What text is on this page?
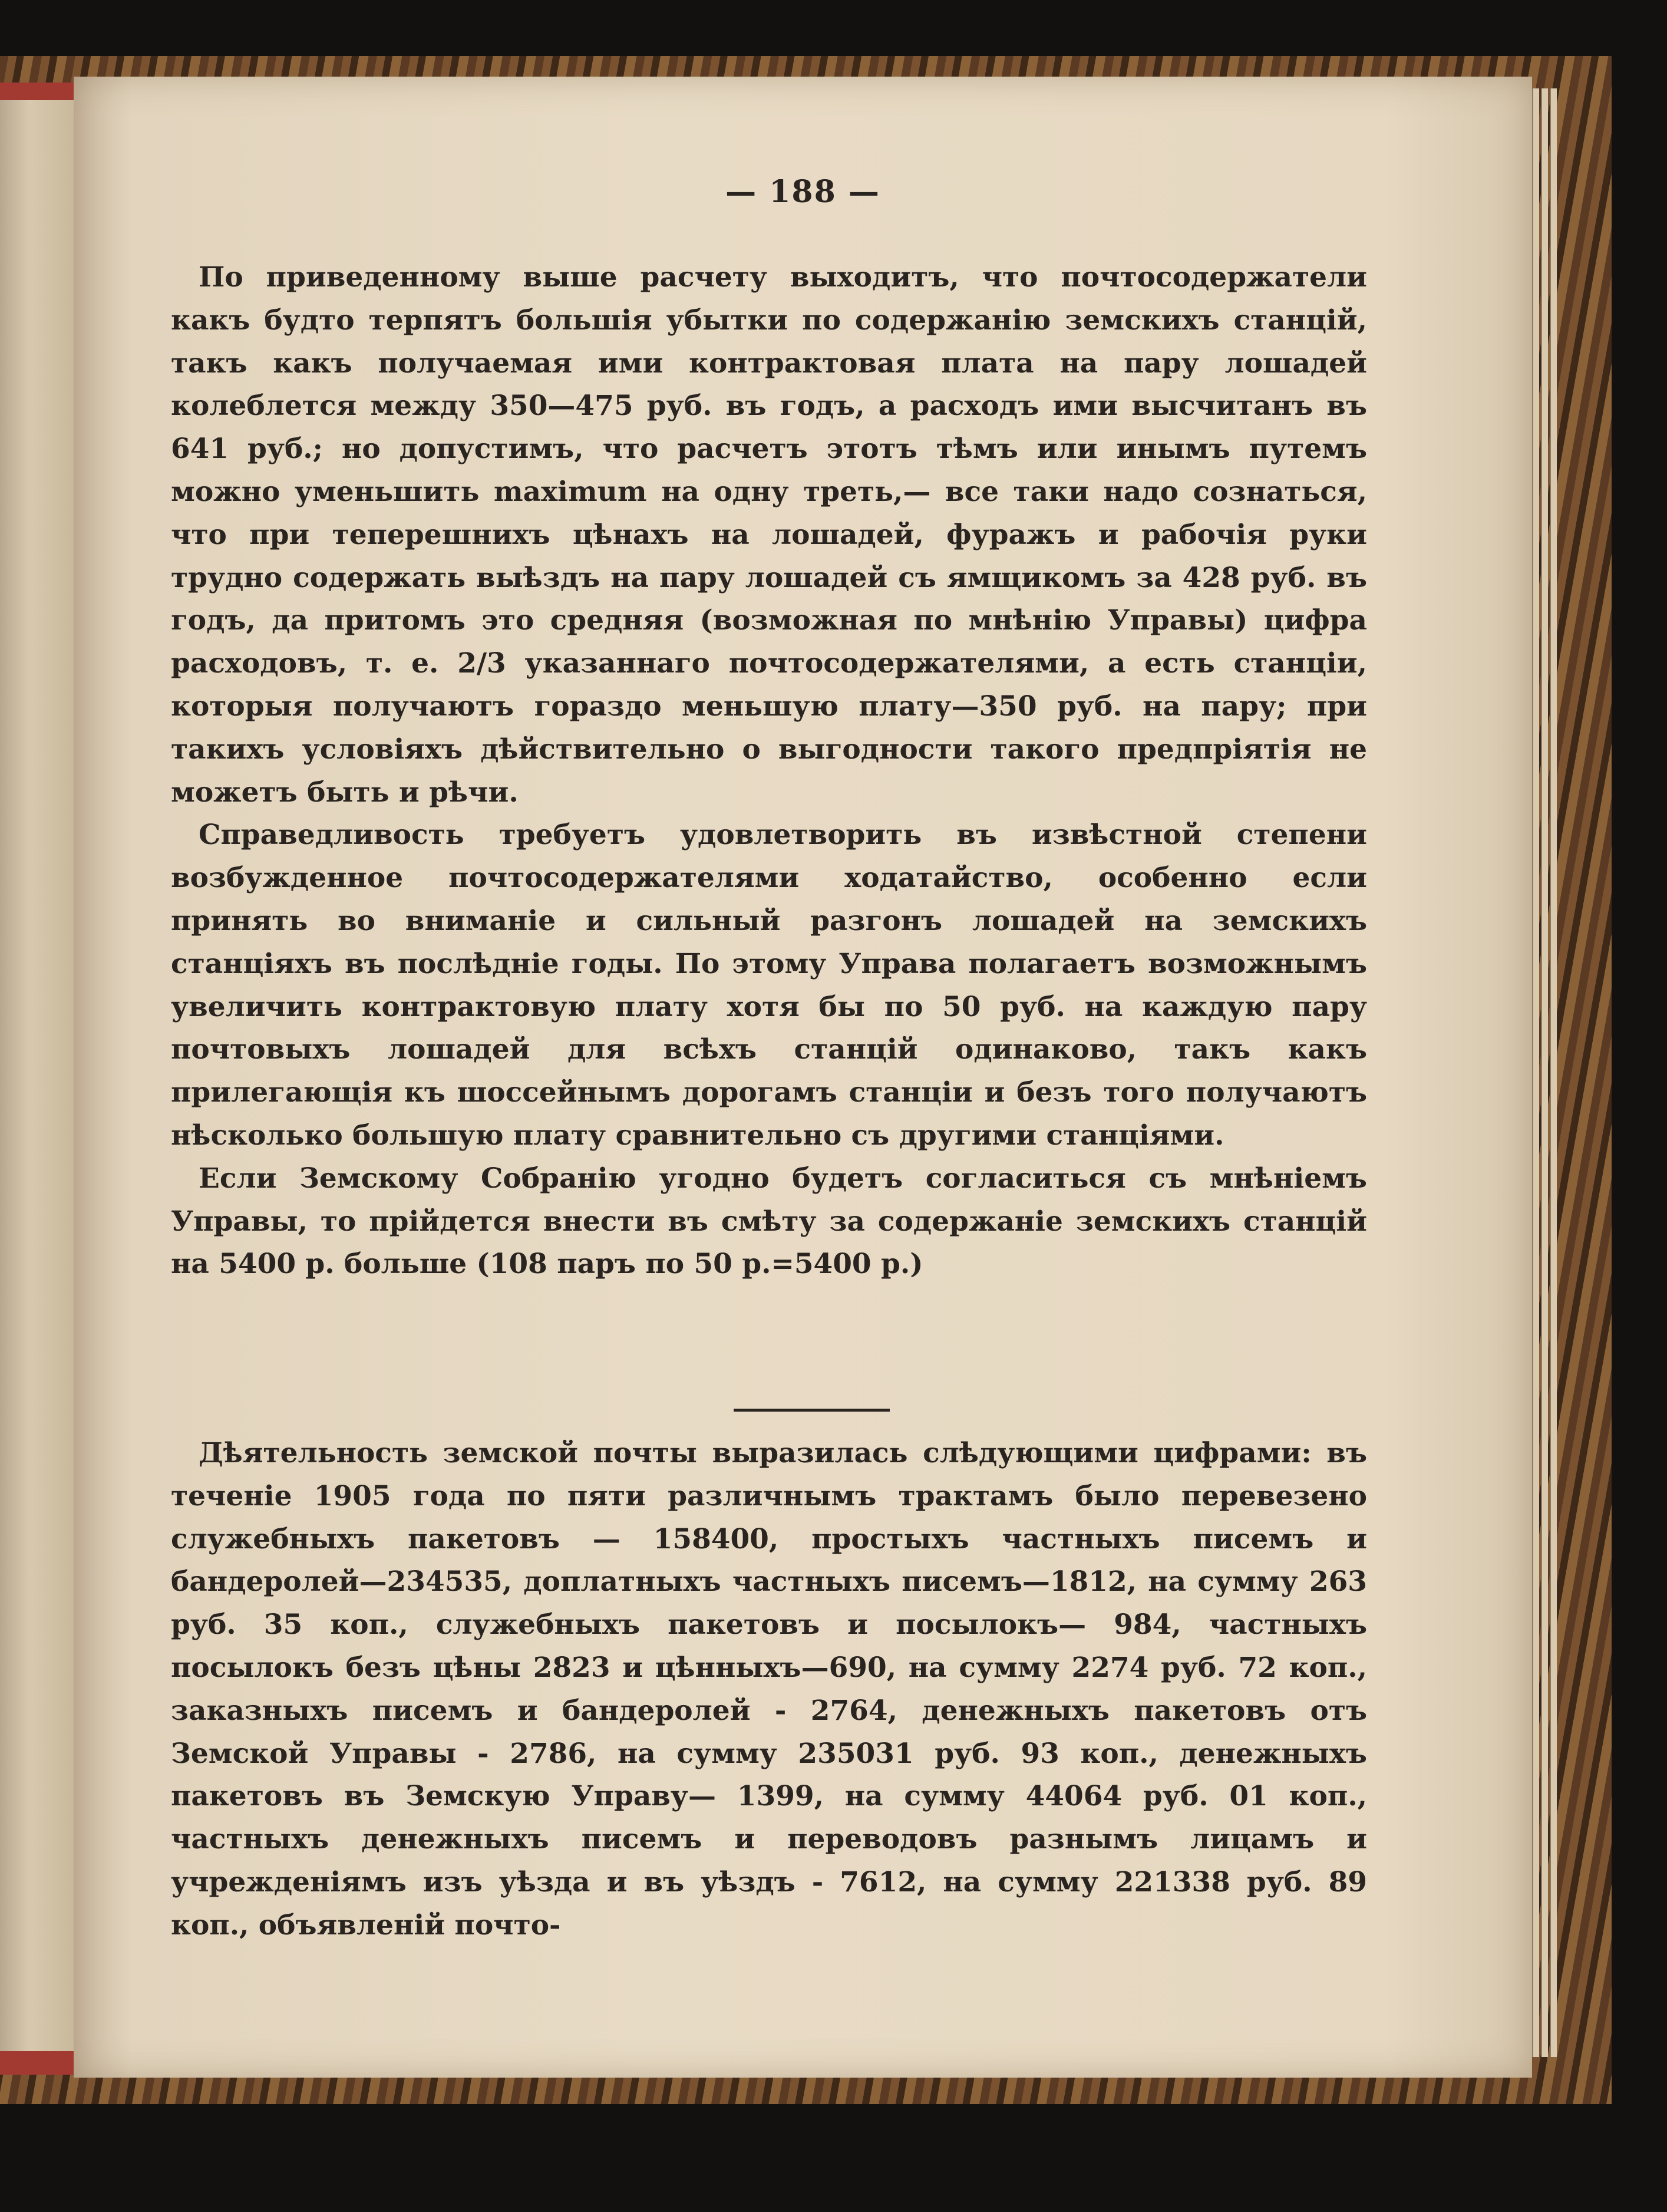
— 188 —

По приведенному выше расчету выходитъ, что почтосодержатели какъ будто терпятъ большія убытки по содержанію земскихъ станцій, такъ какъ получаемая ими контрактовая плата на пару лошадей колеблется между 350—475 руб. въ годъ, а расходъ ими высчитанъ въ 641 руб.; но допустимъ, что расчетъ этотъ тѣмъ или инымъ путемъ можно уменьшить maximum на одну треть,— все таки надо сознаться, что при теперешнихъ цѣнахъ на лошадей, фуражъ и рабочія руки трудно содержать выѣздъ на пару лошадей съ ямщикомъ за 428 руб. въ годъ, да притомъ это средняя (возможная по мнѣнію Управы) цифра расходовъ, т. е. 2/3 указаннаго почтосодержателями, а есть станціи, которыя получаютъ гораздо меньшую плату—350 руб. на пару; при такихъ условіяхъ дѣйствительно о выгодности такого предпріятія не можетъ быть и рѣчи.

Справедливость требуетъ удовлетворить въ извѣстной степени возбужденное почтосодержателями ходатайство, особенно если принять во вниманіе и сильный разгонъ лошадей на земскихъ станціяхъ въ послѣдніе годы. По этому Управа полагаетъ возможнымъ увеличить контрактовую плату хотя бы по 50 руб. на каждую пару почтовыхъ лошадей для всѣхъ станцій одинаково, такъ какъ прилегающія къ шоссейнымъ дорогамъ станціи и безъ того получаютъ нѣсколько большую плату сравнительно съ другими станціями.

Если Земскому Собранію угодно будетъ согласиться съ мнѣніемъ Управы, то прійдется внести въ смѣту за содержаніе земскихъ станцій на 5400 р. больше (108 паръ по 50 р.=5400 р.)

Дѣятельность земской почты выразилась слѣдующими цифрами: въ теченіе 1905 года по пяти различнымъ трактамъ было перевезено служебныхъ пакетовъ — 158400, простыхъ частныхъ писемъ и бандеролей—234535, доплатныхъ частныхъ писемъ—1812, на сумму 263 руб. 35 коп., служебныхъ пакетовъ и посылокъ— 984, частныхъ посылокъ безъ цѣны 2823 и цѣнныхъ—690, на сумму 2274 руб. 72 коп., заказныхъ писемъ и бандеролей - 2764, денежныхъ пакетовъ отъ Земской Управы - 2786, на сумму 235031 руб. 93 коп., денежныхъ пакетовъ въ Земскую Управу— 1399, на сумму 44064 руб. 01 коп., частныхъ денежныхъ писемъ и переводовъ разнымъ лицамъ и учрежденіямъ изъ уѣзда и въ уѣздъ - 7612, на сумму 221338 руб. 89 коп., объявленій почто-
